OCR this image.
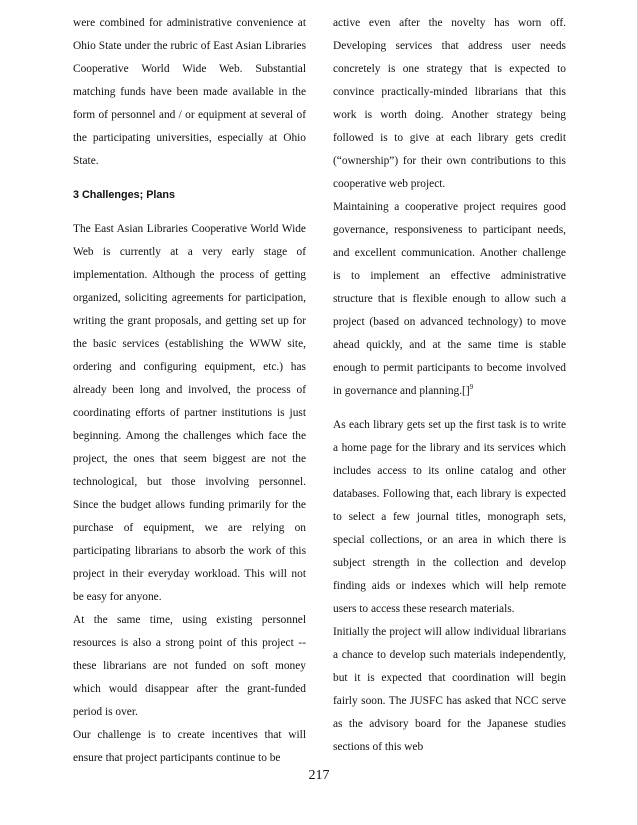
were combined for administrative convenience at Ohio State under the rubric of East Asian Libraries Cooperative World Wide Web. Substantial matching funds have been made available in the form of personnel and / or equipment at several of the participating universities, especially at Ohio State.

3 Challenges; Plans

The East Asian Libraries Cooperative World Wide Web is currently at a very early stage of implementation. Although the process of getting organized, soliciting agreements for participation, writing the grant proposals, and getting set up for the basic services (establishing the WWW site, ordering and configuring equipment, etc.) has already been long and involved, the process of coordinating efforts of partner institutions is just beginning. Among the challenges which face the project, the ones that seem biggest are not the technological, but those involving personnel. Since the budget allows funding primarily for the purchase of equipment, we are relying on participating librarians to absorb the work of this project in their everyday workload. This will not be easy for anyone.

At the same time, using existing personnel resources is also a strong point of this project -- these librarians are not funded on soft money which would disappear after the grant-funded period is over.

Our challenge is to create incentives that will ensure that project participants continue to be

active even after the novelty has worn off. Developing services that address user needs concretely is one strategy that is expected to convince practically-minded librarians that this work is worth doing. Another strategy being followed is to give at each library gets credit (“ownership”) for their own contributions to this cooperative web project.

Maintaining a cooperative project requires good governance, responsiveness to participant needs, and excellent communication. Another challenge is to implement an effective administrative structure that is flexible enough to allow such a project (based on advanced technology) to move ahead quickly, and at the same time is stable enough to permit participants to become involved in governance and planning.[]$^9$

As each library gets set up the first task is to write a home page for the library and its services which includes access to its online catalog and other databases. Following that, each library is expected to select a few journal titles, monograph sets, special collections, or an area in which there is subject strength in the collection and develop finding aids or indexes which will help remote users to access these research materials.

Initially the project will allow individual librarians a chance to develop such materials independently, but it is expected that coordination will begin fairly soon. The JUSFC has asked that NCC serve as the advisory board for the Japanese studies sections of this web

217
